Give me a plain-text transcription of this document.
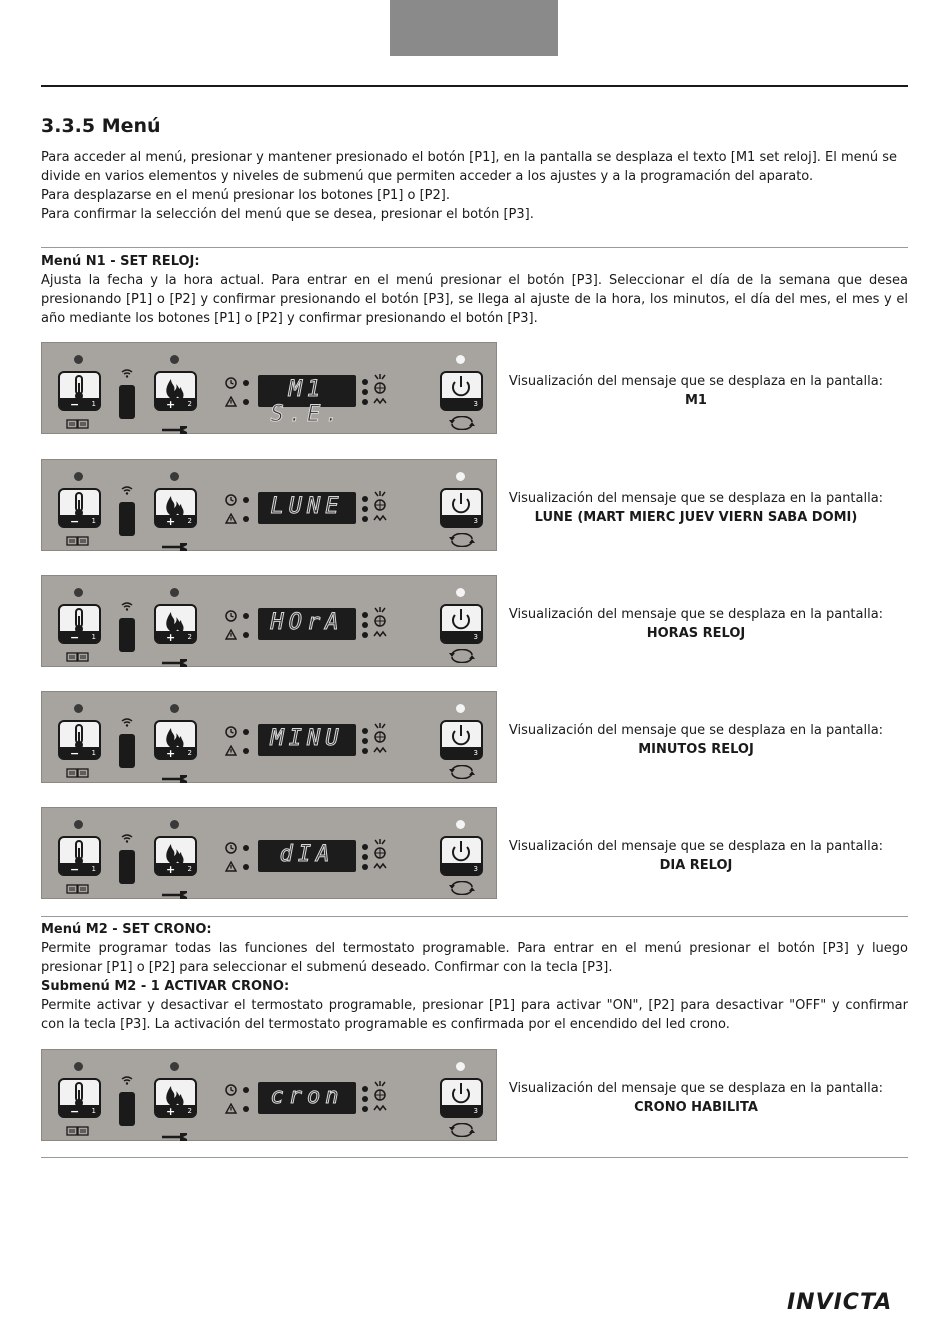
3.3.5 Menú

Para acceder al menú, presionar y mantener presionado el botón [P1], en la pantalla se desplaza el texto [M1 set reloj]. El menú se divide en varios elementos y niveles de submenú que permiten acceder a los ajustes y a la programación del aparato.

Para desplazarse en el menú presionar los botones [P1] o [P2].

Para confirmar la selección del menú que se desea, presionar el botón [P3].

Menú N1 - SET RELOJ:

Ajusta la fecha y la hora actual. Para entrar en el menú presionar el botón [P3]. Seleccionar el día de la semana que desea presionando [P1] o [P2] y confirmar presionando el botón [P3], se llega al ajuste de la hora, los minutos, el día del mes, el mes y el año mediante los botones [P1] o [P2] y confirmar presionando el botón [P3].

− 1	+ 2
M1 S.E.	3
Visualización del mensaje que se desplaza en la pantalla:
M1
− 1	+ 2
LUNE
3
Visualización del mensaje que se desplaza en la pantalla:
LUNE (MART MIERC JUEV VIERN SABA DOMI)
− 1	+ 2
HOrA
3
Visualización del mensaje que se desplaza en la pantalla:
HORAS RELOJ
− 1	+ 2
MINU
3
Visualización del mensaje que se desplaza en la pantalla:
MINUTOS RELOJ
− 1	+ 2
dIA
3
Visualización del mensaje que se desplaza en la pantalla:
DIA RELOJ
− 1	+ 2
cron
3
Visualización del mensaje que se desplaza en la pantalla:
CRONO HABILITA

Menú M2 - SET CRONO:

Permite programar todas las funciones del termostato programable. Para entrar en el menú presionar el botón [P3] y luego presionar [P1] o [P2] para seleccionar el submenú deseado. Confirmar con la tecla [P3].

Submenú M2 - 1 ACTIVAR CRONO:

Permite activar y desactivar el termostato programable, presionar [P1] para activar "ON", [P2] para desactivar "OFF" y confirmar con la tecla [P3]. La activación del termostato programable es confirmada por el encendido del led crono.

INVICTA
